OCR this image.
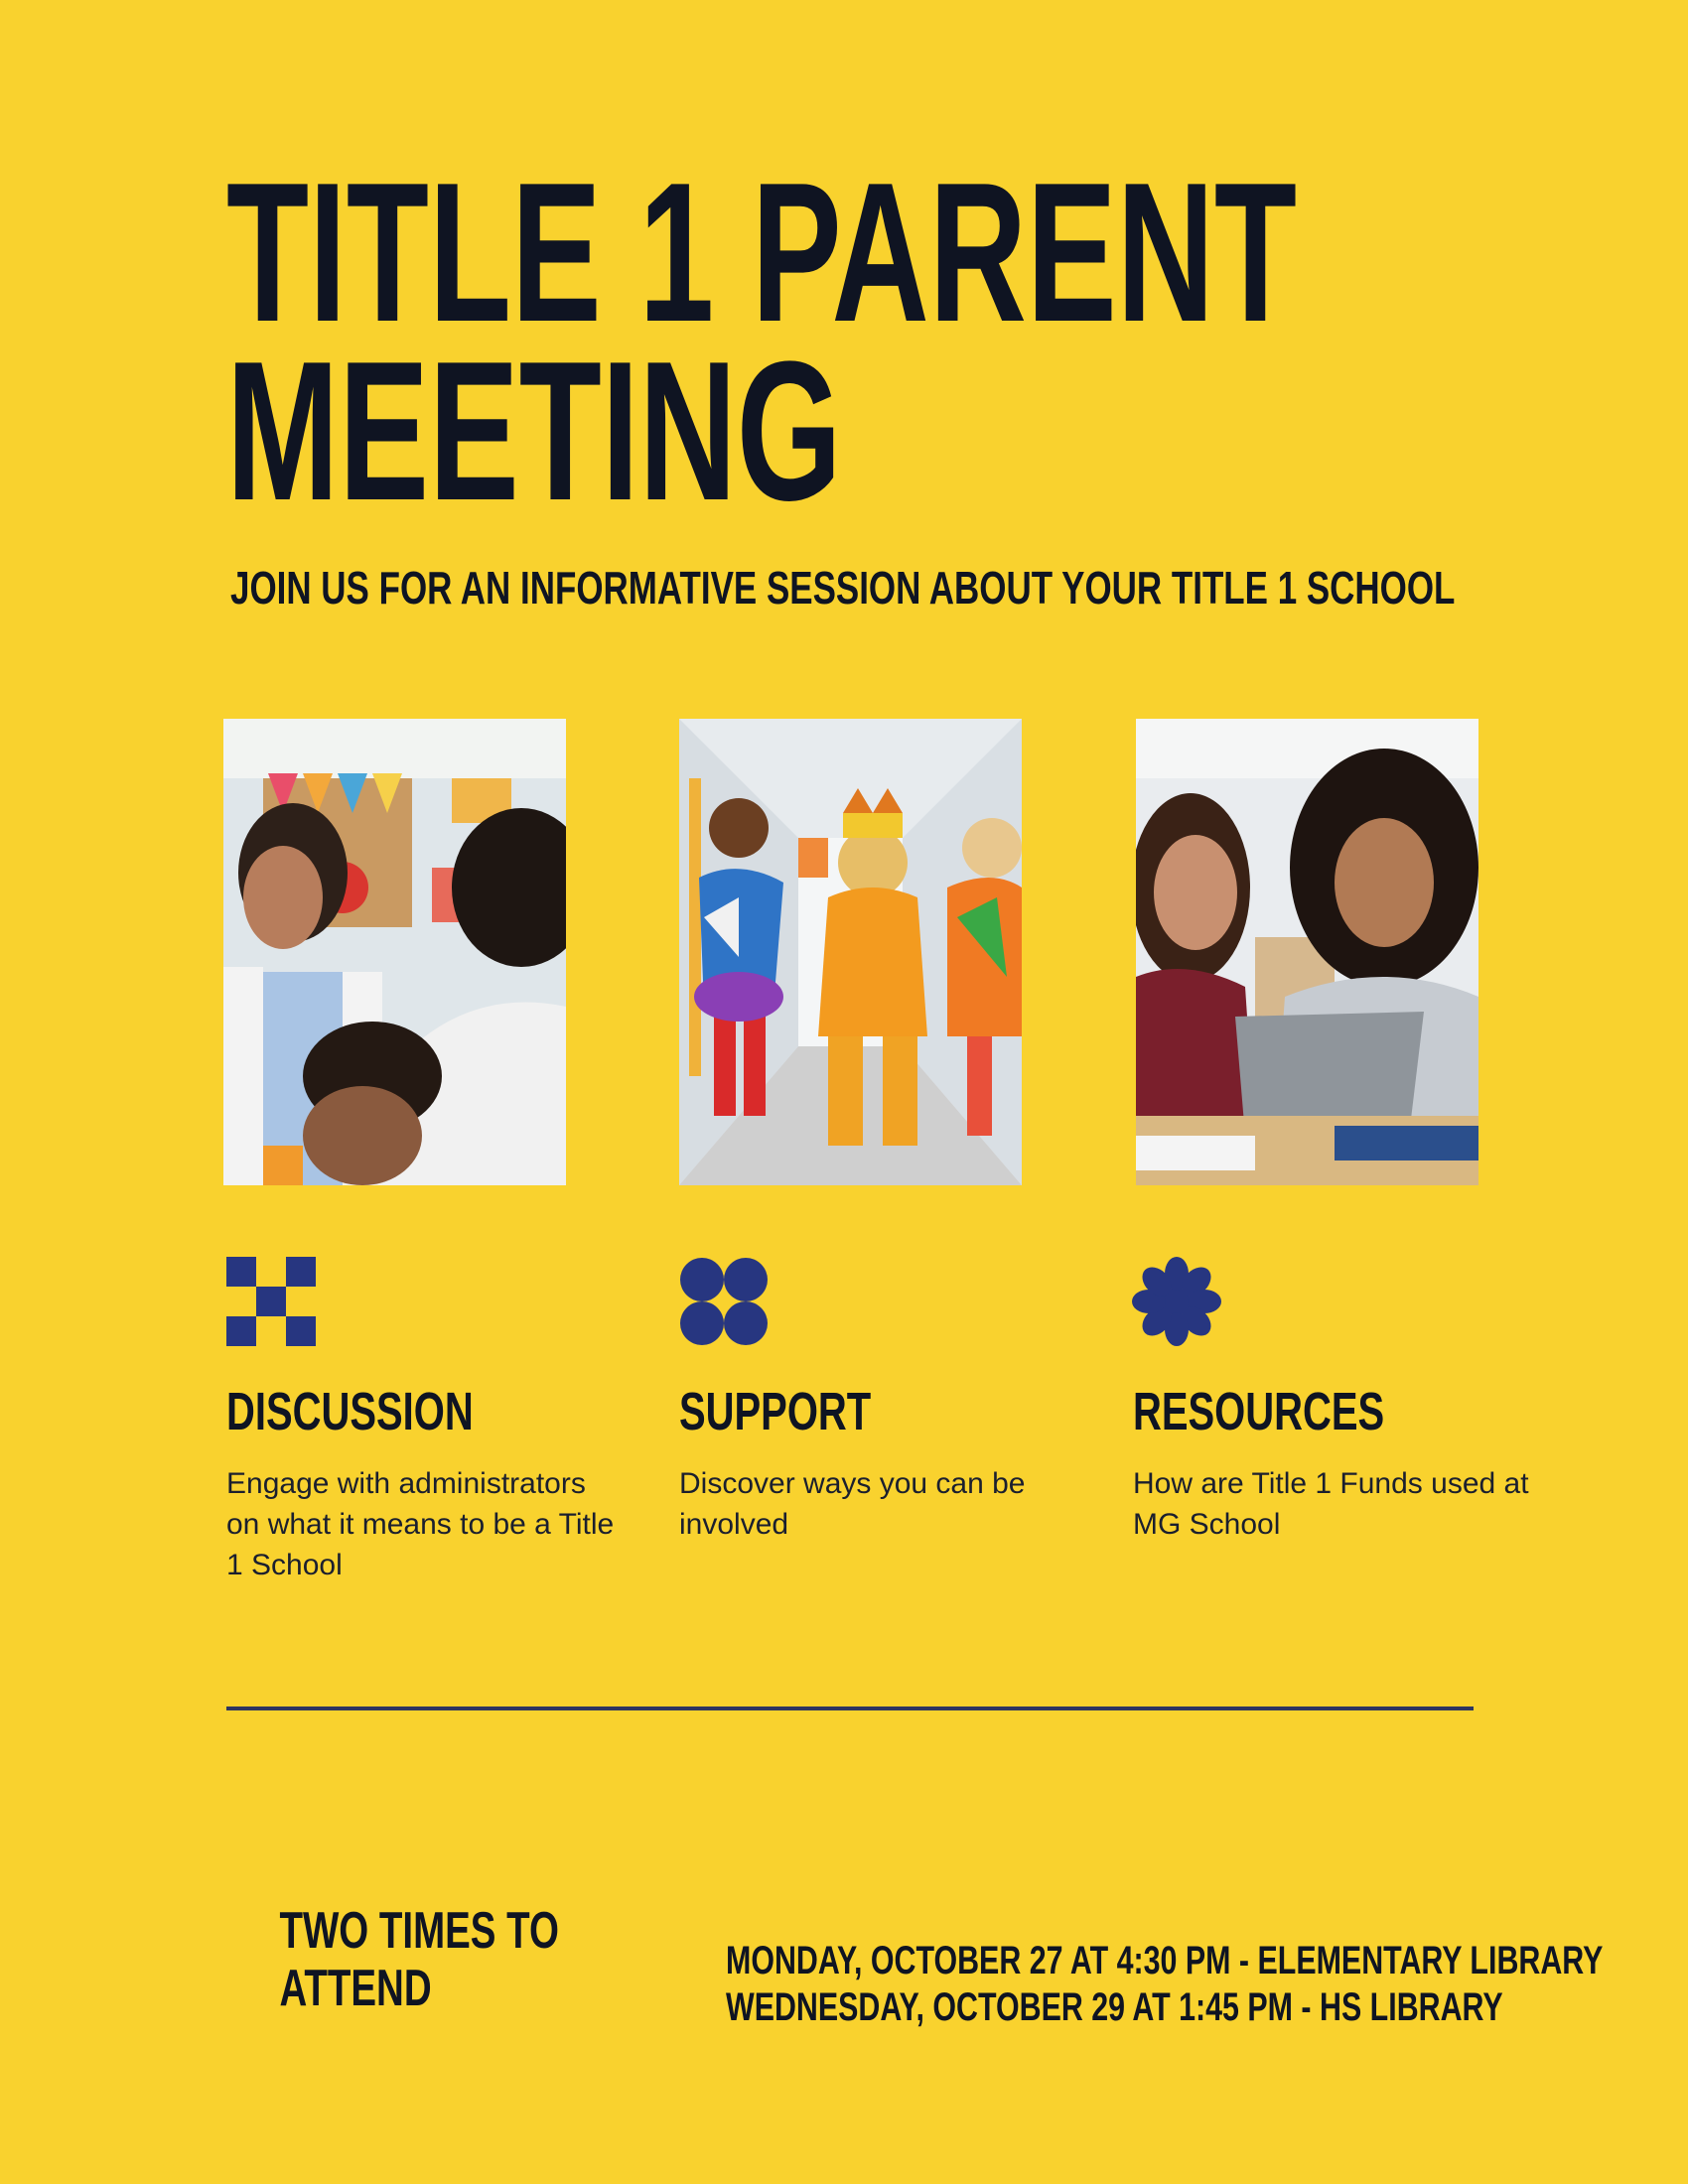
TITLE 1 PARENT
MEETING
JOIN US FOR AN INFORMATIVE SESSION ABOUT YOUR TITLE 1 SCHOOL
DISCUSSION
Engage with administrators on what it means to be a Title 1 School
SUPPORT
Discover ways you can be involved
RESOURCES
How are Title 1 Funds used at MG School
TWO TIMES TO
ATTEND	MONDAY, OCTOBER 27 AT 4:30 PM - ELEMENTARY LIBRARY
WEDNESDAY, OCTOBER 29 AT 1:45 PM - HS LIBRARY
